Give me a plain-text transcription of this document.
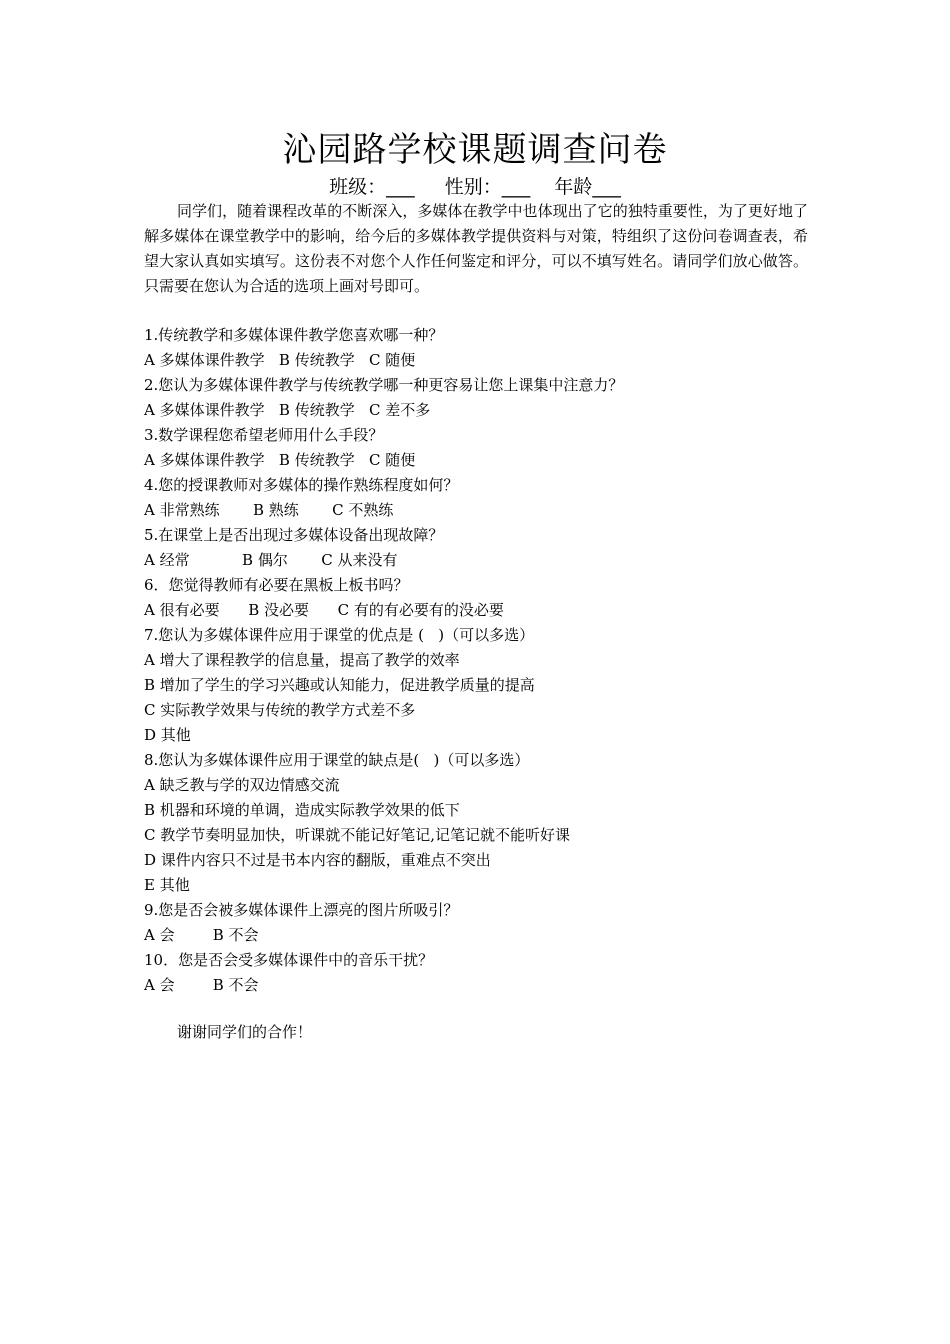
沁园路学校课题调查问卷
班级：___     性别：___    年龄___

同学们，随着课程改革的不断深入，多媒体在教学中也体现出了它的独特重要性，为了更好地了解多媒体在课堂教学中的影响，给今后的多媒体教学提供资料与对策，特组织了这份问卷调查表，希望大家认真如实填写。这份表不对您个人作任何鉴定和评分，可以不填写姓名。请同学们放心做答。只需要在您认为合适的选项上画对号即可。

1.传统教学和多媒体课件教学您喜欢哪一种？
A 多媒体课件教学   B 传统教学   C 随便
2.您认为多媒体课件教学与传统教学哪一种更容易让您上课集中注意力？
A 多媒体课件教学   B 传统教学   C 差不多
3.数学课程您希望老师用什么手段？
A 多媒体课件教学   B 传统教学   C 随便
4.您的授课教师对多媒体的操作熟练程度如何？
A 非常熟练       B 熟练       C 不熟练
5.在课堂上是否出现过多媒体设备出现故障？
A 经常           B 偶尔       C 从来没有
6．您觉得教师有必要在黑板上板书吗？
A 很有必要      B 没必要      C 有的有必要有的没必要
7.您认为多媒体课件应用于课堂的优点是 (   )（可以多选）
A 增大了课程教学的信息量，提高了教学的效率
B 增加了学生的学习兴趣或认知能力，促进教学质量的提高
C 实际教学效果与传统的教学方式差不多
D 其他
8.您认为多媒体课件应用于课堂的缺点是(   )（可以多选）
A 缺乏教与学的双边情感交流
B 机器和环境的单调，造成实际教学效果的低下
C 教学节奏明显加快，听课就不能记好笔记,记笔记就不能听好课
D 课件内容只不过是书本内容的翻版，重难点不突出
E 其他
9.您是否会被多媒体课件上漂亮的图片所吸引？
A 会        B 不会
10．您是否会受多媒体课件中的音乐干扰？
A 会        B 不会
谢谢同学们的合作！
